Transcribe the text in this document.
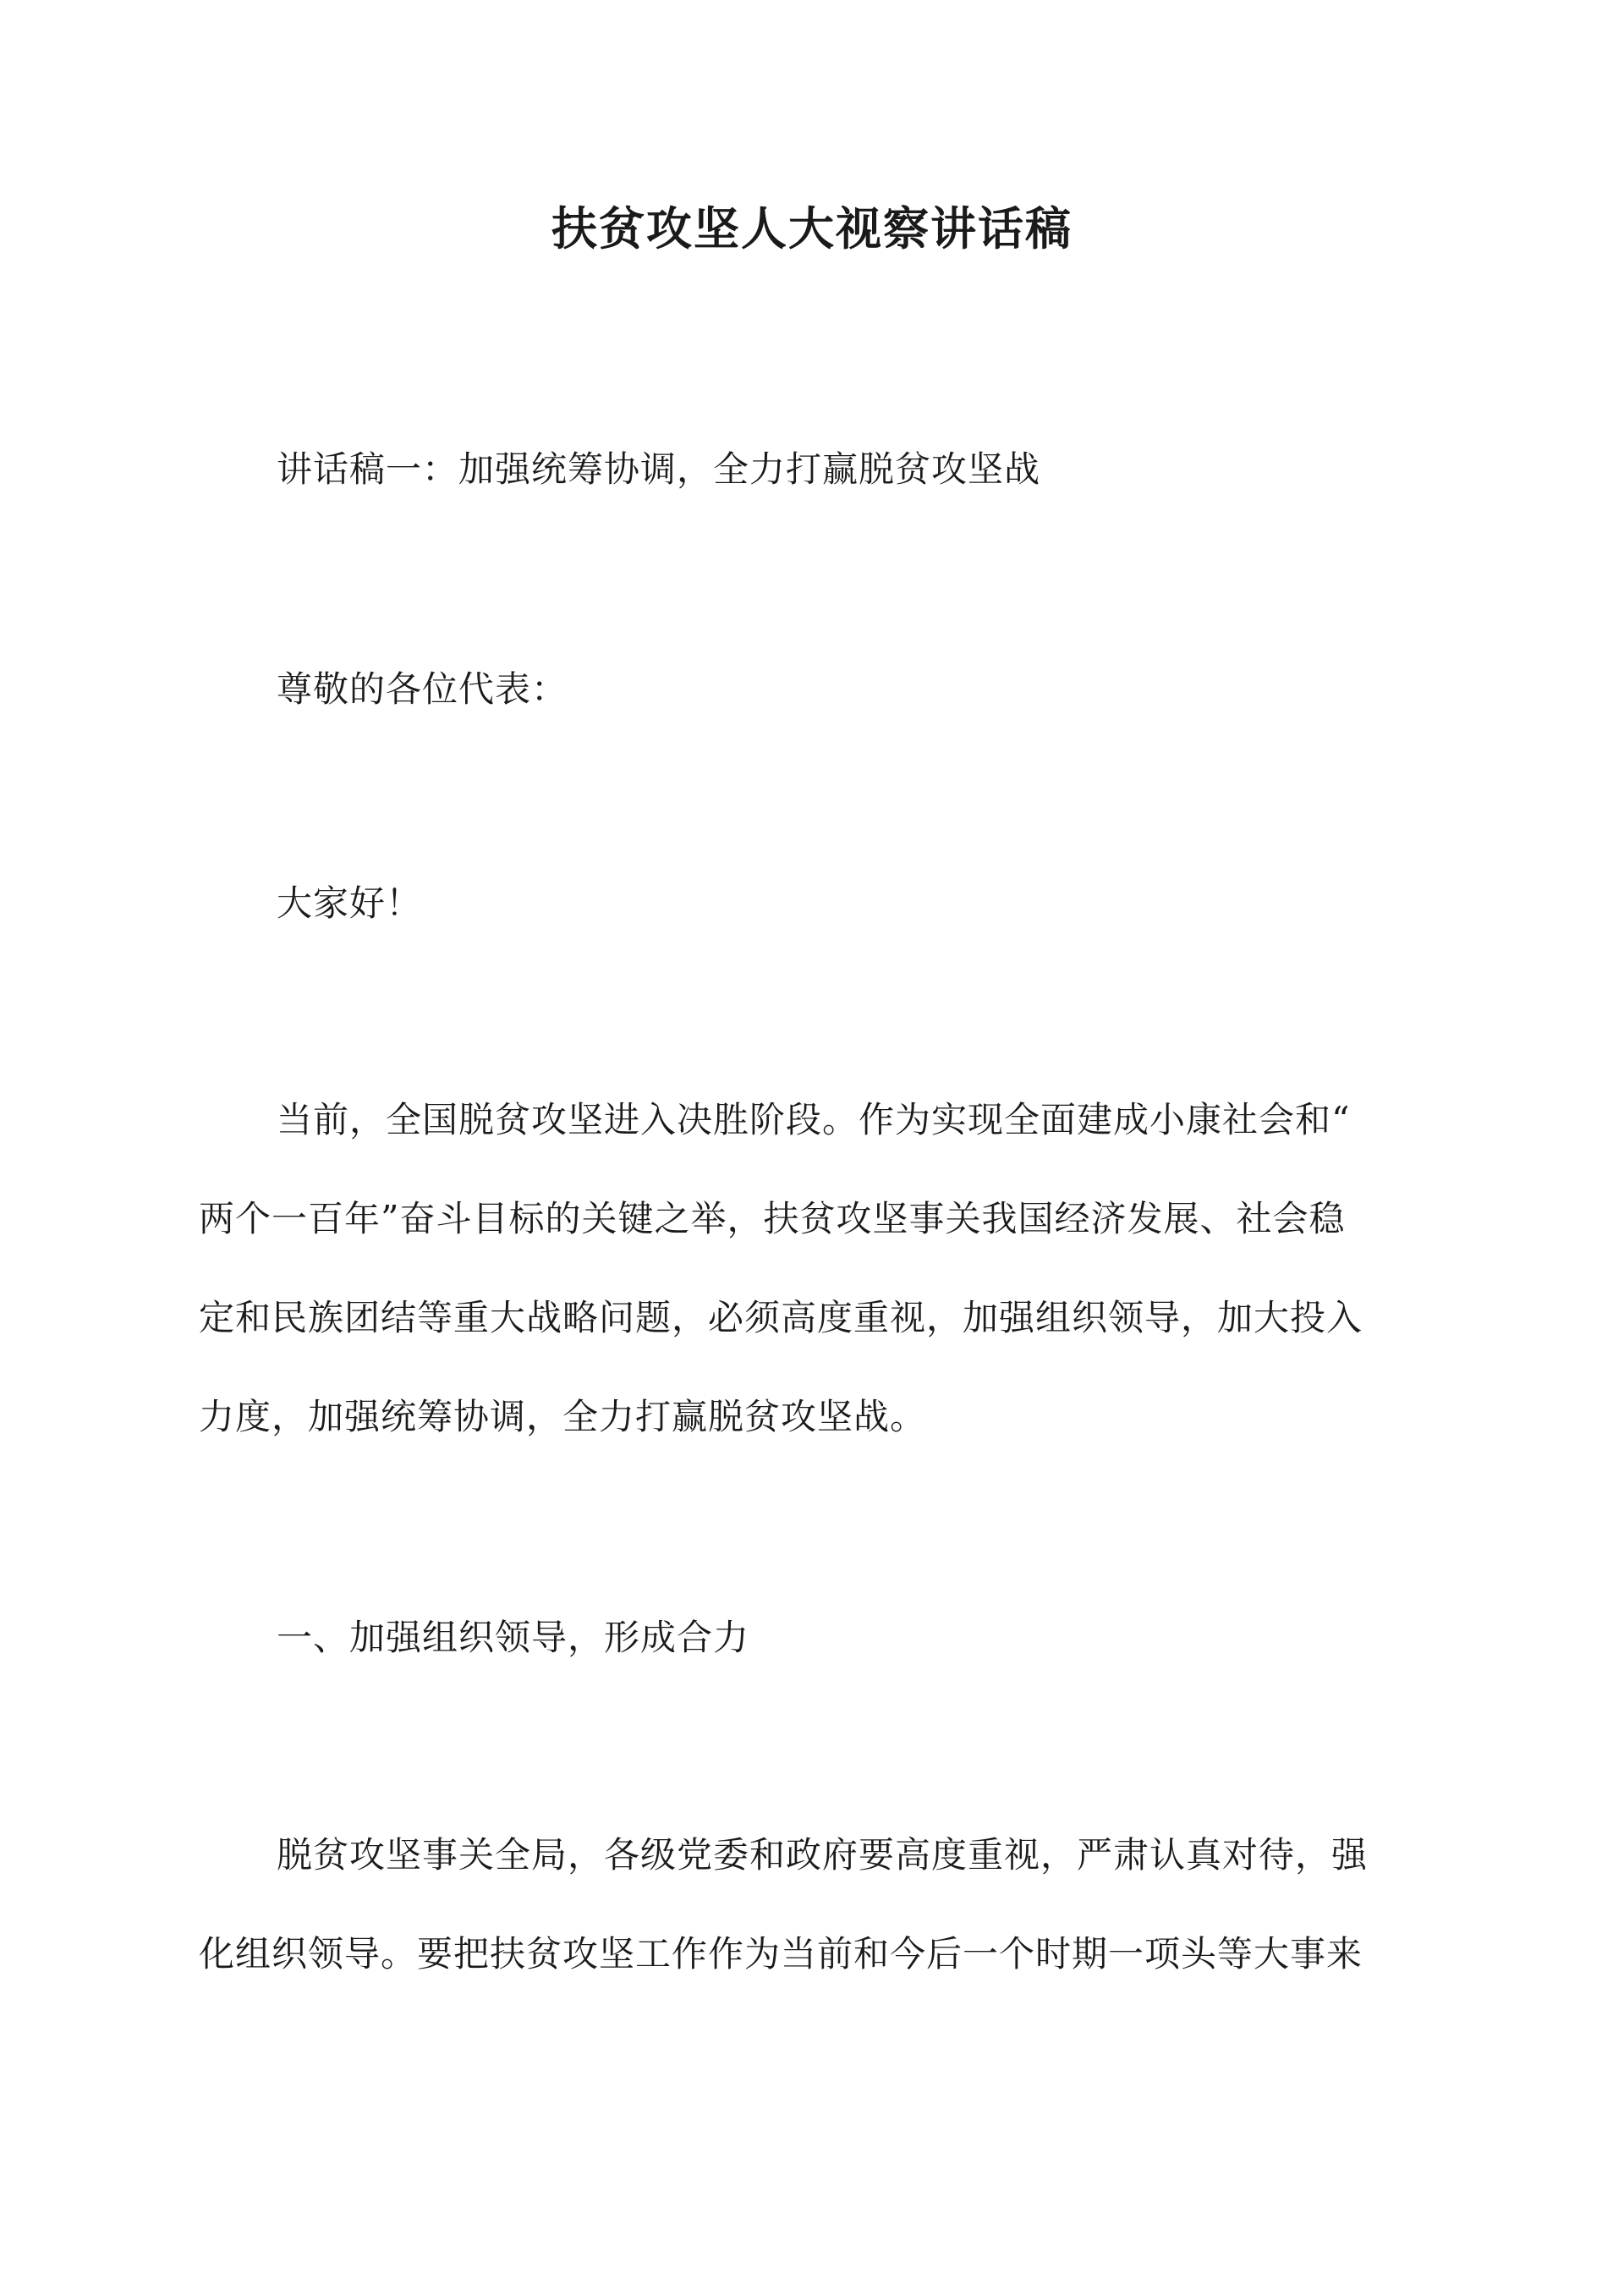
扶贫攻坚人大视察讲话稿

讲话稿一：加强统筹协调，全力打赢脱贫攻坚战

尊敬的各位代表：

大家好！

当前，全国脱贫攻坚进入决胜阶段。作为实现全面建成小康社会和“
两个一百年”奋斗目标的关键之举，扶贫攻坚事关我国经济发展、社会稳
定和民族团结等重大战略问题，必须高度重视，加强组织领导，加大投入
力度，加强统筹协调，全力打赢脱贫攻坚战。

一、加强组织领导，形成合力

脱贫攻坚事关全局，各级党委和政府要高度重视，严肃认真对待，强
化组织领导。要把扶贫攻坚工作作为当前和今后一个时期一项头等大事来
